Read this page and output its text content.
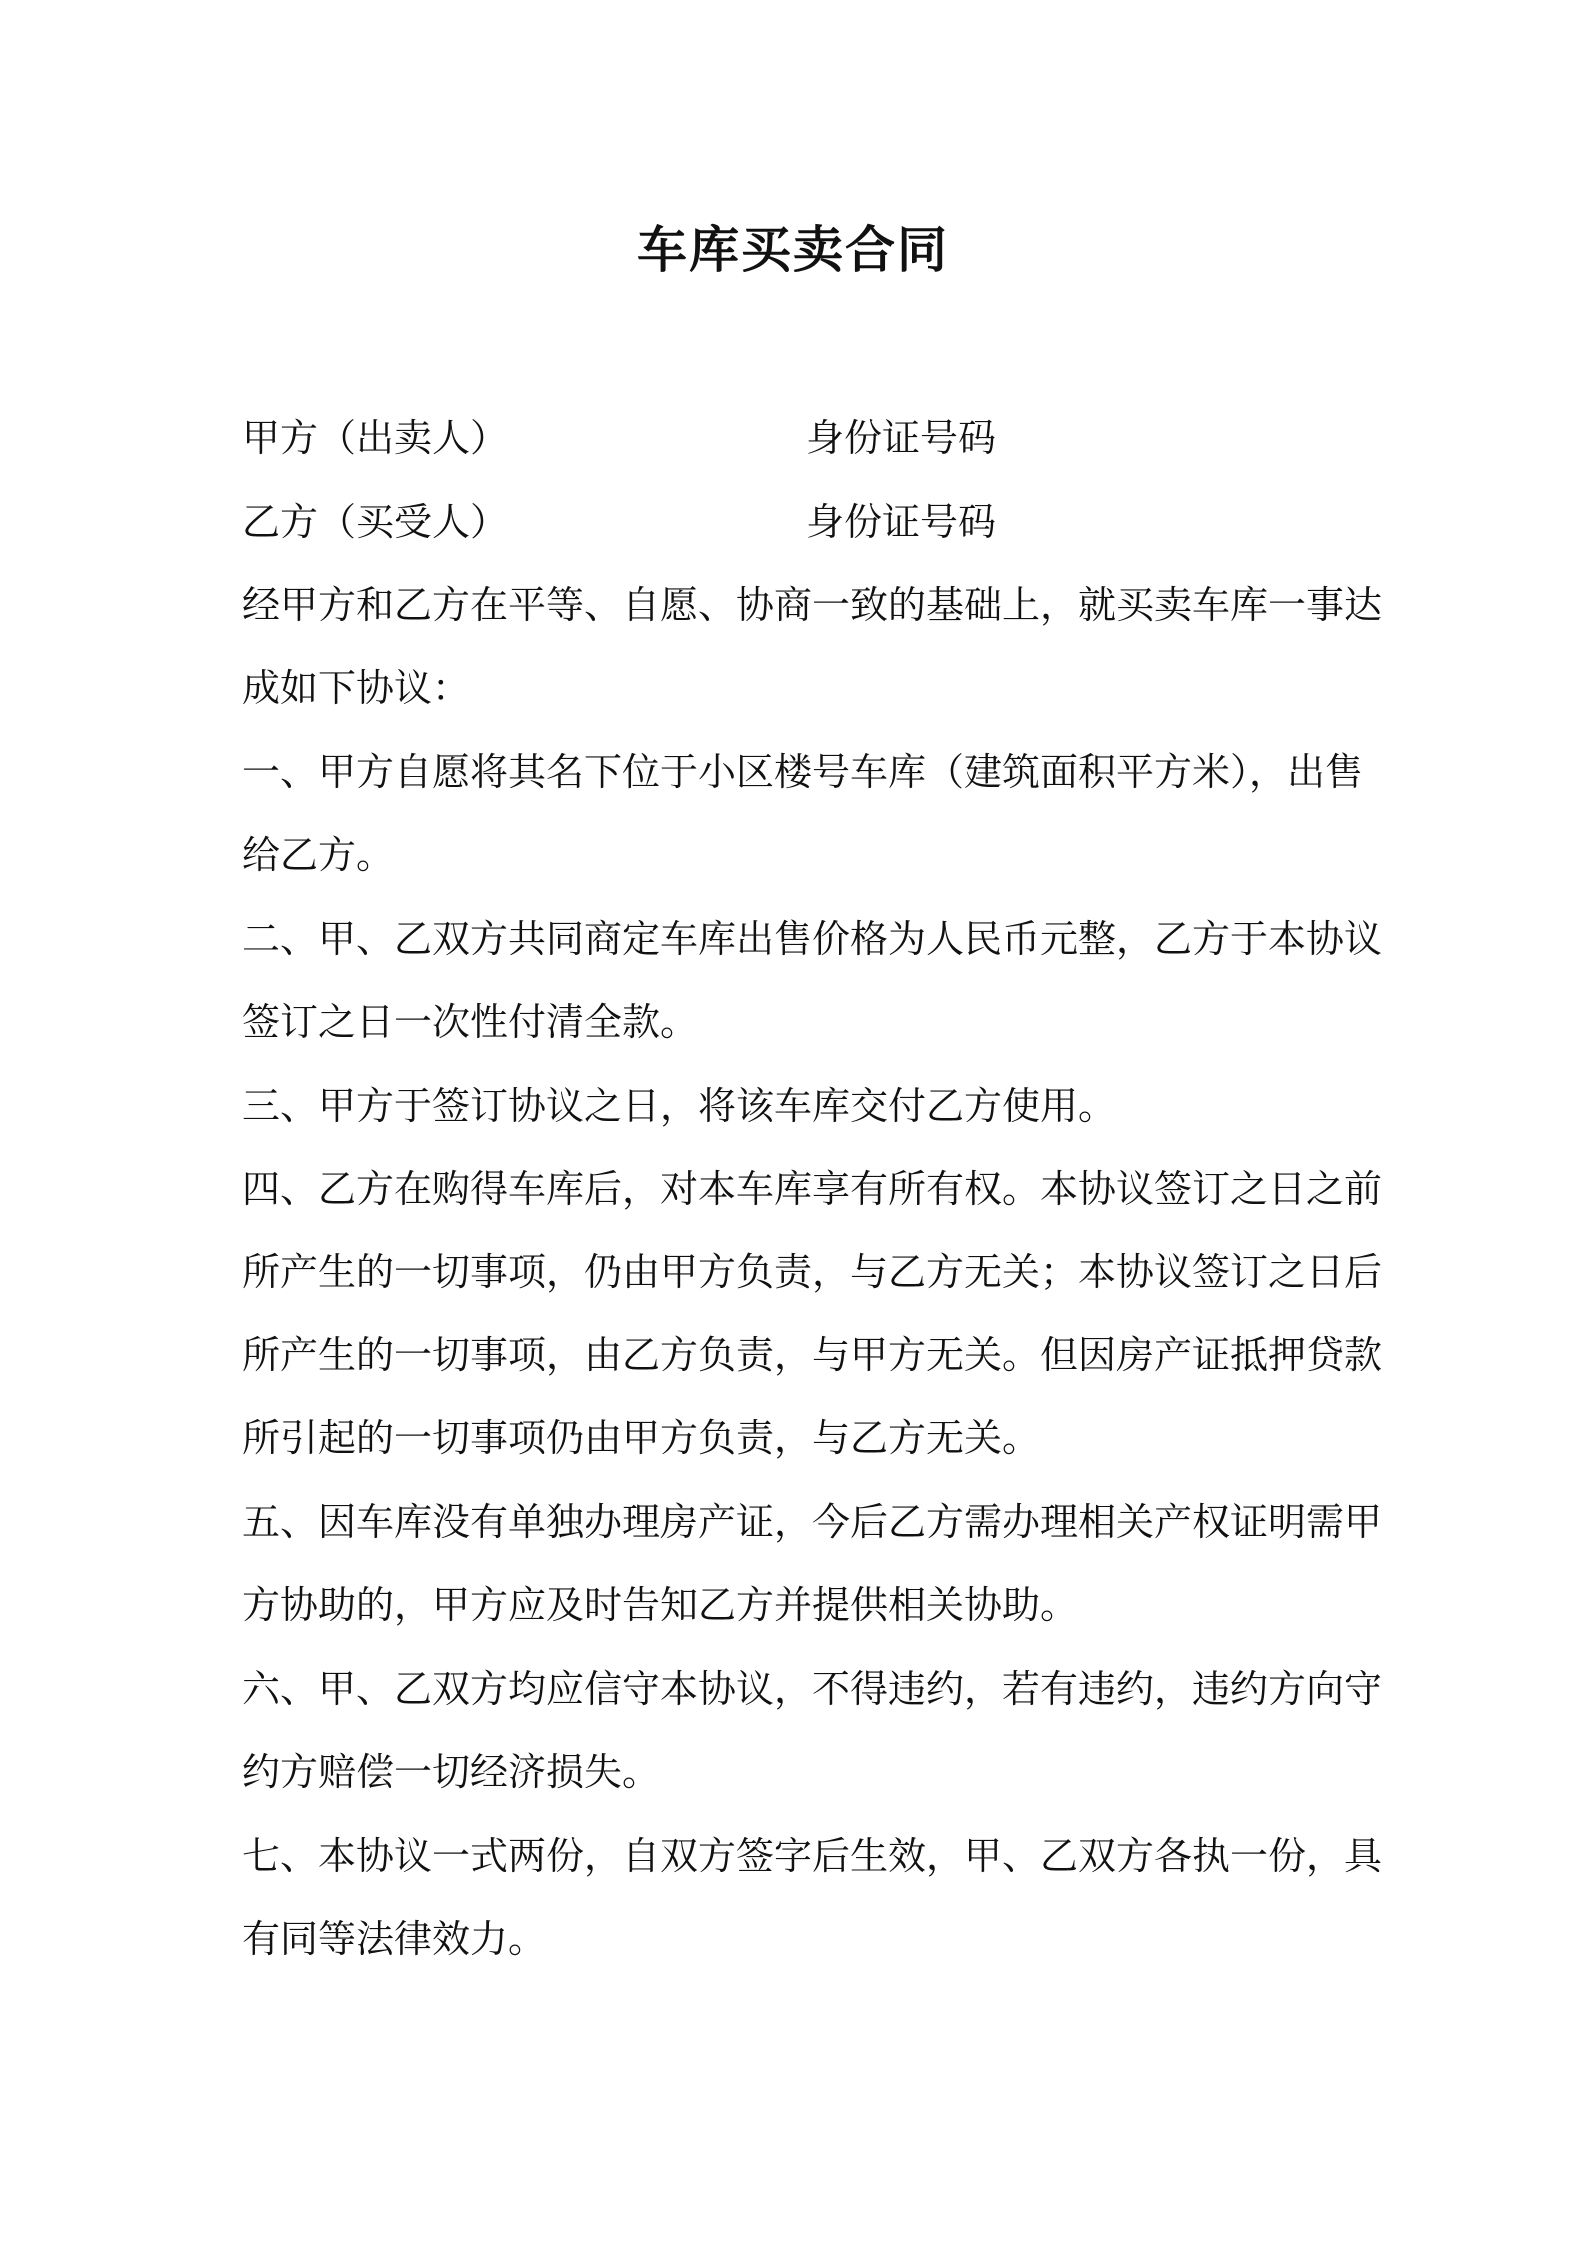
车库买卖合同
甲方（出卖人）	身份证号码
乙方（买受人）	身份证号码
经甲方和乙方在平等、自愿、协商一致的基础上，就买卖车库一事达
成如下协议：
一、甲方自愿将其名下位于小区楼号车库（建筑面积平方米），出售
给乙方。
二、甲、乙双方共同商定车库出售价格为人民币元整，乙方于本协议
签订之日一次性付清全款。
三、甲方于签订协议之日，将该车库交付乙方使用。
四、乙方在购得车库后，对本车库享有所有权。本协议签订之日之前
所产生的一切事项，仍由甲方负责，与乙方无关；本协议签订之日后
所产生的一切事项，由乙方负责，与甲方无关。但因房产证抵押贷款
所引起的一切事项仍由甲方负责，与乙方无关。
五、因车库没有单独办理房产证，今后乙方需办理相关产权证明需甲
方协助的，甲方应及时告知乙方并提供相关协助。
六、甲、乙双方均应信守本协议，不得违约，若有违约，违约方向守
约方赔偿一切经济损失。
七、本协议一式两份，自双方签字后生效，甲、乙双方各执一份，具
有同等法律效力。
